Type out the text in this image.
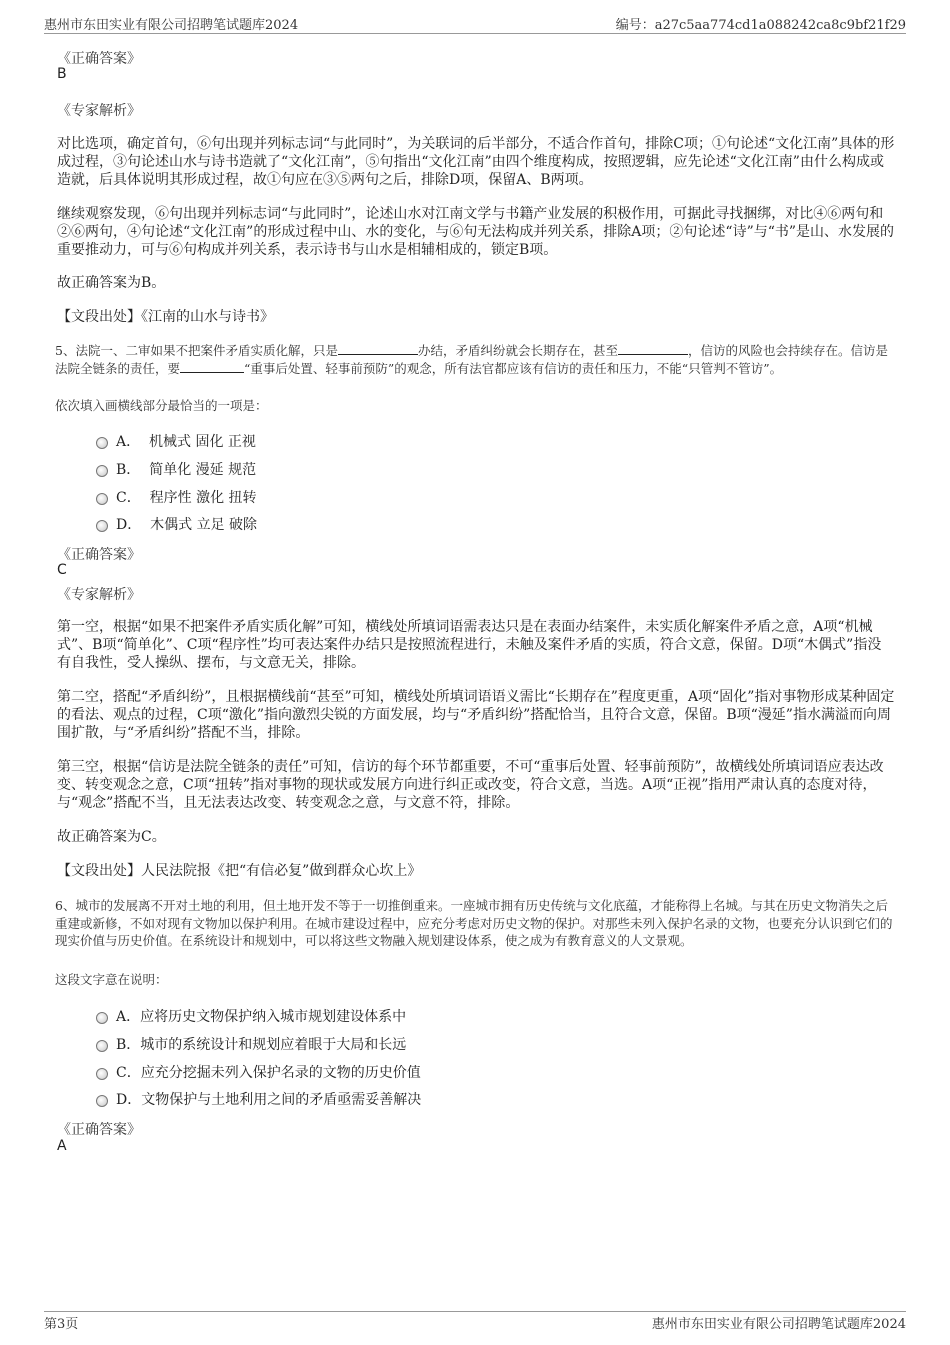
惠州市东田实业有限公司招聘笔试题库2024	编号：a27c5aa774cd1a088242ca8c9bf21f29
《正确答案》
B
《专家解析》
对比选项，确定首句，⑥句出现并列标志词“与此同时”，为关联词的后半部分，不适合作首句，排除C项；①句论述“文化江南”具体的形成过程，③句论述山水与诗书造就了“文化江南”，⑤句指出“文化江南”由四个维度构成，按照逻辑，应先论述“文化江南”由什么构成或造就，后具体说明其形成过程，故①句应在③⑤两句之后，排除D项，保留A、B两项。
继续观察发现，⑥句出现并列标志词“与此同时”，论述山水对江南文学与书籍产业发展的积极作用，可据此寻找捆绑，对比④⑥两句和②⑥两句，④句论述“文化江南”的形成过程中山、水的变化，与⑥句无法构成并列关系，排除A项；②句论述“诗”与“书”是山、水发展的重要推动力，可与⑥句构成并列关系，表示诗书与山水是相辅相成的，锁定B项。
故正确答案为B。
【文段出处】《江南的山水与诗书》
5、法院一、二审如果不把案件矛盾实质化解，只是	办结，矛盾纠纷就会长期存在，甚至	，信访的风险也会持续存在。信访是法院全链条的责任，要	“重事后处置、轻事前预防”的观念，所有法官都应该有信访的责任和压力，不能“只管判不管访”。
依次填入画横线部分最恰当的一项是：
A．
机械式 固化 正视
B．
简单化 漫延 规范
C．
程序性 激化 扭转
D．
木偶式 立足 破除
《正确答案》
C
《专家解析》
第一空，根据“如果不把案件矛盾实质化解”可知，横线处所填词语需表达只是在表面办结案件，未实质化解案件矛盾之意，A项“机械式”、B项“简单化”、C项“程序性”均可表达案件办结只是按照流程进行，未触及案件矛盾的实质，符合文意，保留。D项“木偶式”指没有自我性，受人操纵、摆布，与文意无关，排除。
第二空，搭配“矛盾纠纷”，且根据横线前“甚至”可知，横线处所填词语语义需比“长期存在”程度更重，A项“固化”指对事物形成某种固定的看法、观点的过程，C项“激化”指向激烈尖锐的方面发展，均与“矛盾纠纷”搭配恰当，且符合文意，保留。B项“漫延”指水满溢而向周围扩散，与“矛盾纠纷”搭配不当，排除。
第三空，根据“信访是法院全链条的责任”可知，信访的每个环节都重要，不可“重事后处置、轻事前预防”，故横线处所填词语应表达改变、转变观念之意，C项“扭转”指对事物的现状或发展方向进行纠正或改变，符合文意，当选。A项“正视”指用严肃认真的态度对待，与“观念”搭配不当，且无法表达改变、转变观念之意，与文意不符，排除。
故正确答案为C。
【文段出处】人民法院报《把“有信必复”做到群众心坎上》
6、城市的发展离不开对土地的利用，但土地开发不等于一切推倒重来。一座城市拥有历史传统与文化底蕴，才能称得上名城。与其在历史文物消失之后重建或新修，不如对现有文物加以保护利用。在城市建设过程中，应充分考虑对历史文物的保护。对那些未列入保护名录的文物，也要充分认识到它们的现实价值与历史价值。在系统设计和规划中，可以将这些文物融入规划建设体系，使之成为有教育意义的人文景观。
这段文字意在说明：
A． 应将历史文物保护纳入城市规划建设体系中
B． 城市的系统设计和规划应着眼于大局和长远
C． 应充分挖掘未列入保护名录的文物的历史价值
D． 文物保护与土地利用之间的矛盾亟需妥善解决
《正确答案》
A
第3页	惠州市东田实业有限公司招聘笔试题库2024
